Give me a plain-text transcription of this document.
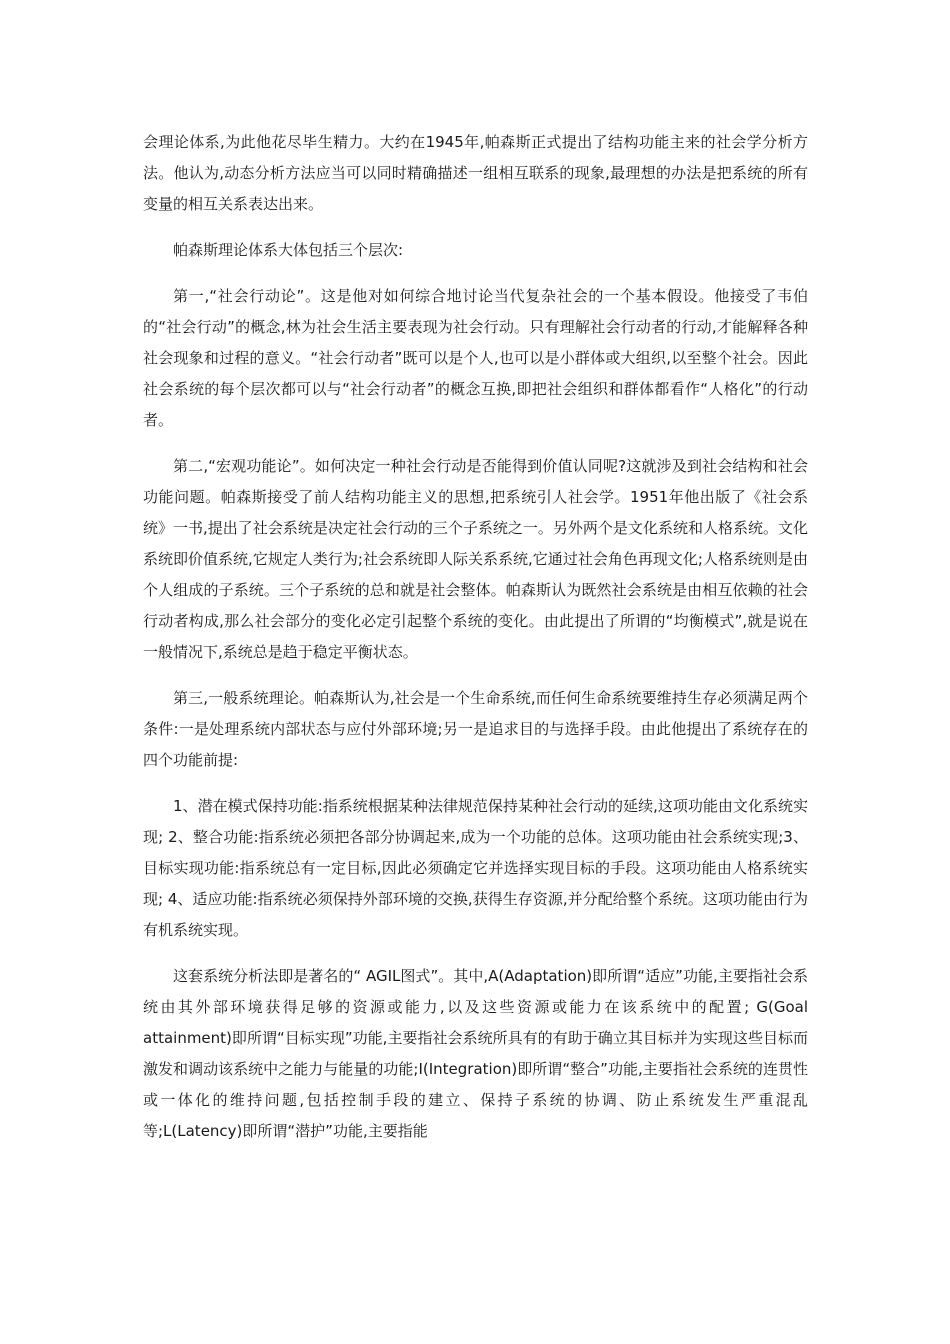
会理论体系,为此他花尽毕生精力。大约在1945年,帕森斯正式提出了结构功能主来的社会学分析方法。他认为,动态分析方法应当可以同时精确描述一组相互联系的现象,最理想的办法是把系统的所有变量的相互关系表达出来。

帕森斯理论体系大体包括三个层次:

第一,“社会行动论”。这是他对如何综合地讨论当代复杂社会的一个基本假设。他接受了韦伯的“社会行动”的概念,林为社会生活主要表现为社会行动。只有理解社会行动者的行动,才能解释各种社会现象和过程的意义。“社会行动者”既可以是个人,也可以是小群体或大组织,以至整个社会。因此社会系统的每个层次都可以与“社会行动者”的概念互换,即把社会组织和群体都看作“人格化”的行动者。

第二,“宏观功能论”。如何决定一种社会行动是否能得到价值认同呢?这就涉及到社会结构和社会功能问题。帕森斯接受了前人结构功能主义的思想,把系统引人社会学。1951年他出版了《社会系统》一书,提出了社会系统是决定社会行动的三个子系统之一。另外两个是文化系统和人格系统。文化系统即价值系统,它规定人类行为;社会系统即人际关系系统,它通过社会角色再现文化;人格系统则是由个人组成的子系统。三个子系统的总和就是社会整体。帕森斯认为既然社会系统是由相互依赖的社会行动者构成,那么社会部分的变化必定引起整个系统的变化。由此提出了所谓的“均衡模式”,就是说在一般情况下,系统总是趋于稳定平衡状态。

第三,一般系统理论。帕森斯认为,社会是一个生命系统,而任何生命系统要维持生存必须满足两个条件:一是处理系统内部状态与应付外部环境;另一是追求目的与选择手段。由此他提出了系统存在的四个功能前提:

1、潜在模式保持功能:指系统根据某种法律规范保持某种社会行动的延续,这项功能由文化系统实现; 2、整合功能:指系统必须把各部分协调起来,成为一个功能的总体。这项功能由社会系统实现;3、目标实现功能:指系统总有一定目标,因此必须确定它并选择实现目标的手段。这项功能由人格系统实现; 4、适应功能:指系统必须保持外部环境的交换,获得生存资源,并分配给整个系统。这项功能由行为有机系统实现。

这套系统分析法即是著名的“ AGIL图式”。其中,A(Adaptation)即所谓“适应”功能,主要指社会系统由其外部环境获得足够的资源或能力,以及这些资源或能力在该系统中的配置; G(Goal attainment)即所谓“目标实现”功能,主要指社会系统所具有的有助于确立其目标并为实现这些目标而激发和调动该系统中之能力与能量的功能;I(Integration)即所谓“整合”功能,主要指社会系统的连贯性或一体化的维持问题,包括控制手段的建立、保持子系统的协调、防止系统发生严重混乱等;L(Latency)即所谓“潜护”功能,主要指能
